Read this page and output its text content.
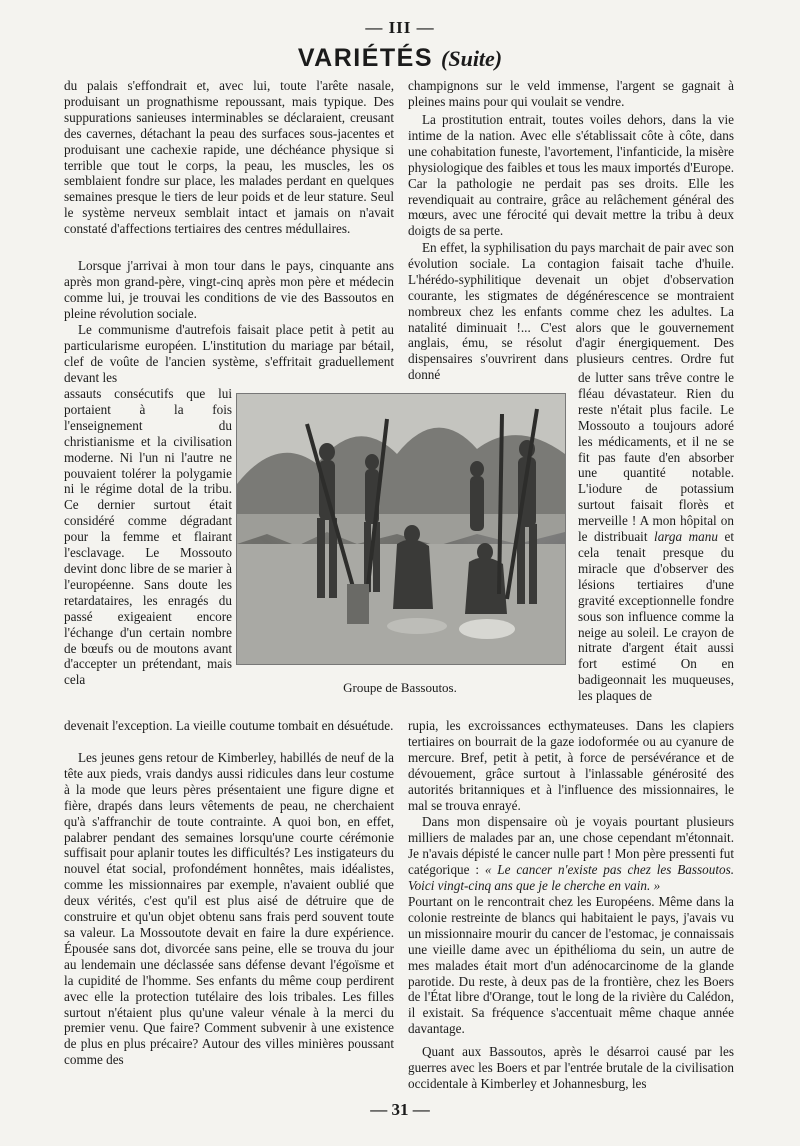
— III —
VARIÉTÉS (Suite)

du palais s'effondrait et, avec lui, toute l'arête nasale, produisant un prognathisme repoussant, mais typique. Des suppurations sanieuses interminables se déclaraient, creusant des cavernes, détachant la peau des surfaces sous-jacentes et produisant une cachexie rapide, une déchéance physique si terrible que tout le corps, la peau, les muscles, les os semblaient fondre sur place, les malades perdant en quelques semaines presque le tiers de leur poids et de leur stature. Seul le système nerveux semblait intact et jamais on n'avait constaté d'affections tertiaires des centres médullaires.

Lorsque j'arrivai à mon tour dans le pays, cinquante ans après mon grand-père, vingt-cinq après mon père et médecin comme lui, je trouvai les conditions de vie des Bassoutos en pleine révolution sociale.

Le communisme d'autrefois faisait place petit à petit au particularisme européen. L'institution du mariage par bétail, clef de voûte de l'ancien système, s'effritait graduellement devant les

assauts consécutifs que lui portaient à la fois l'enseignement du christianisme et la civilisation moderne. Ni l'un ni l'autre ne pouvaient tolérer la polygamie ni le régime dotal de la tribu. Ce dernier surtout était considéré comme dégradant pour la femme et flairant l'esclavage. Le Mossouto devint donc libre de se marier à l'européenne. Sans doute les retardataires, les enragés du passé exigeaient encore l'échange d'un certain nombre de bœufs ou de moutons avant d'accepter un prétendant, mais cela

devenait l'exception. La vieille coutume tombait en désuétude.

Les jeunes gens retour de Kimberley, habillés de neuf de la tête aux pieds, vrais dandys aussi ridicules dans leur costume à la mode que leurs pères présentaient une figure digne et fière, drapés dans leurs vêtements de peau, ne cherchaient qu'à s'affranchir de toute contrainte. A quoi bon, en effet, palabrer pendant des semaines lorsqu'une courte cérémonie suffisait pour aplanir toutes les difficultés? Les instigateurs du nouvel état social, profondément honnêtes, mais idéalistes, comme les missionnaires par exemple, n'avaient oublié que deux vérités, c'est qu'il est plus aisé de détruire que de construire et qu'un objet obtenu sans frais perd souvent toute sa valeur. La Mossoutote devait en faire la dure expérience. Épousée sans dot, divorcée sans peine, elle se trouva du jour au lendemain une déclassée sans défense devant l'égoïsme et la cupidité de l'homme. Ses enfants du même coup perdirent avec elle la protection tutélaire des lois tribales. Les filles surtout n'étaient plus qu'une valeur vénale à la merci du premier venu. Que faire? Comment subvenir à une existence de plus en plus précaire? Autour des villes minières poussant comme des

champignons sur le veld immense, l'argent se gagnait à pleines mains pour qui voulait se vendre.

La prostitution entrait, toutes voiles dehors, dans la vie intime de la nation. Avec elle s'établissait côte à côte, dans une cohabitation funeste, l'avortement, l'infanticide, la misère physiologique des faibles et tous les maux importés d'Europe. Car la pathologie ne perdait pas ses droits. Elle les revendiquait au contraire, grâce au relâchement général des mœurs, avec une férocité qui devait mettre la tribu à deux doigts de sa perte.

En effet, la syphilisation du pays marchait de pair avec son évolution sociale. La contagion faisait tache d'huile. L'hérédo-syphilitique devenait un objet d'observation courante, les stigmates de dégénérescence se montraient nombreux chez les enfants comme chez les adultes. La natalité diminuait !... C'est alors que le gouvernement anglais, ému, se résolut d'agir énergiquement. Des dispensaires s'ouvrirent dans plusieurs centres. Ordre fut donné	de lutter sans trêve contre le fléau dévastateur. Rien du reste n'était plus facile. Le Mossouto a toujours adoré les médicaments, et il ne se fit pas faute d'en absorber une quantité notable. L'iodure de potassium surtout faisait florès et merveille ! A mon hôpital on le distribuait larga manu et cela tenait presque du miracle que d'observer des lésions tertiaires d'une gravité exceptionnelle fondre sous son influence comme la neige au soleil. Le crayon de nitrate d'argent était aussi fort estimé On en badigeonnait les muqueuses, les plaques de

rupia, les excroissances ecthymateuses. Dans les clapiers tertiaires on bourrait de la gaze iodoformée ou au cyanure de mercure. Bref, petit à petit, à force de persévérance et de dévouement, grâce surtout à l'inlassable générosité des autorités britanniques et à l'influence des missionnaires, le mal se trouva enrayé.

Dans mon dispensaire où je voyais pourtant plusieurs milliers de malades par an, une chose cependant m'étonnait. Je n'avais dépisté le cancer nulle part ! Mon père pressenti fut catégorique : « Le cancer n'existe pas chez les Bassoutos. Voici vingt-cinq ans que je le cherche en vain. »

Pourtant on le rencontrait chez les Européens. Même dans la colonie restreinte de blancs qui habitaient le pays, j'avais vu un missionnaire mourir du cancer de l'estomac, je connaissais une vieille dame avec un épithélioma du sein, un autre de mes malades était mort d'un adénocarcinome de la glande parotide. Du reste, à deux pas de la frontière, chez les Boers de l'État libre d'Orange, tout le long de la rivière du Calédon, il existait. Sa fréquence s'accentuait même chaque année davantage.

Quant aux Bassoutos, après le désarroi causé par les guerres avec les Boers et par l'entrée brutale de la civilisation occidentale à Kimberley et Johannesburg, les

Groupe de Bassoutos.
— 31 —
